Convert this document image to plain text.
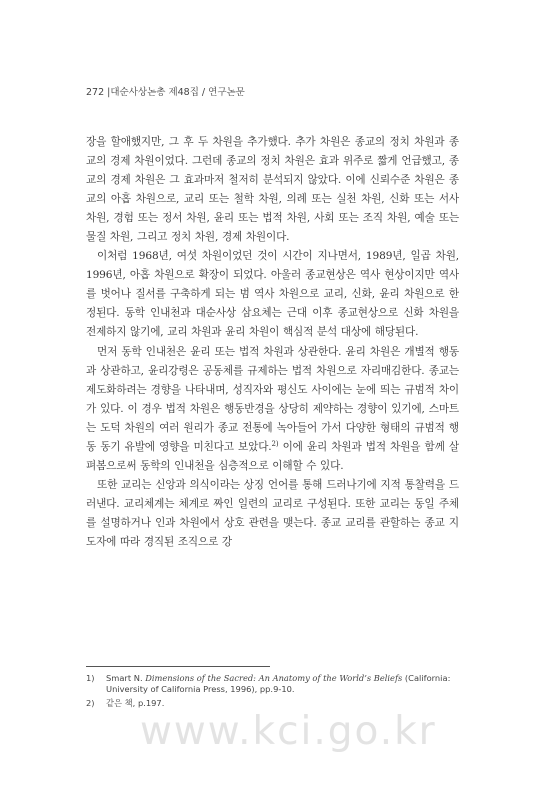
272 |대순사상논총 제48집 / 연구논문

장을 할애했지만, 그 후 두 차원을 추가했다. 추가 차원은 종교의 정치 차원과 종교의 경제 차원이었다. 그런데 종교의 정치 차원은 효과 위주로 짧게 언급했고, 종교의 경제 차원은 그 효과마저 철저히 분석되지 않았다. 이에 신뢰수준 차원은 종교의 아홉 차원으로, 교리 또는 철학 차원, 의례 또는 실천 차원, 신화 또는 서사 차원, 경험 또는 정서 차원, 윤리 또는 법적 차원, 사회 또는 조직 차원, 예술 또는 물질 차원, 그리고 정치 차원, 경제 차원이다.

이처럼 1968년, 여섯 차원이었던 것이 시간이 지나면서, 1989년, 일곱 차원, 1996년, 아홉 차원으로 확장이 되었다. 아울러 종교현상은 역사 현상이지만 역사를 벗어나 질서를 구축하게 되는 범 역사 차원으로 교리, 신화, 윤리 차원으로 한정된다. 동학 인내천과 대순사상 삼요체는 근대 이후 종교현상으로 신화 차원을 전제하지 않기에, 교리 차원과 윤리 차원이 핵심적 분석 대상에 해당된다.

먼저 동학 인내천은 윤리 또는 법적 차원과 상관한다. 윤리 차원은 개별적 행동과 상관하고, 윤리강령은 공동체를 규제하는 법적 차원으로 자리매김한다. 종교는 제도화하려는 경향을 나타내며, 성직자와 평신도 사이에는 눈에 띄는 규범적 차이가 있다. 이 경우 법적 차원은 행동반경을 상당히 제약하는 경향이 있기에, 스마트는 도덕 차원의 여러 원리가 종교 전통에 녹아들어 가서 다양한 형태의 규범적 행동 동기 유발에 영향을 미친다고 보았다.$^{2)}$ 이에 윤리 차원과 법적 차원을 함께 살펴봄으로써 동학의 인내천을 심층적으로 이해할 수 있다.

또한 교리는 신앙과 의식이라는 상징 언어를 통해 드러나기에 지적 통찰력을 드러낸다. 교리체계는 체계로 짜인 일련의 교리로 구성된다. 또한 교리는 동일 주체를 설명하거나 인과 차원에서 상호 관련을 맺는다. 종교 교리를 관할하는 종교 지도자에 따라 경직된 조직으로 강

1) Smart N. Dimensions of the Sacred: An Anatomy of the World’s Beliefs (California: University of California Press, 1996), pp.9-10.
2) 같은 책, p.197.
www.kci.go.kr
